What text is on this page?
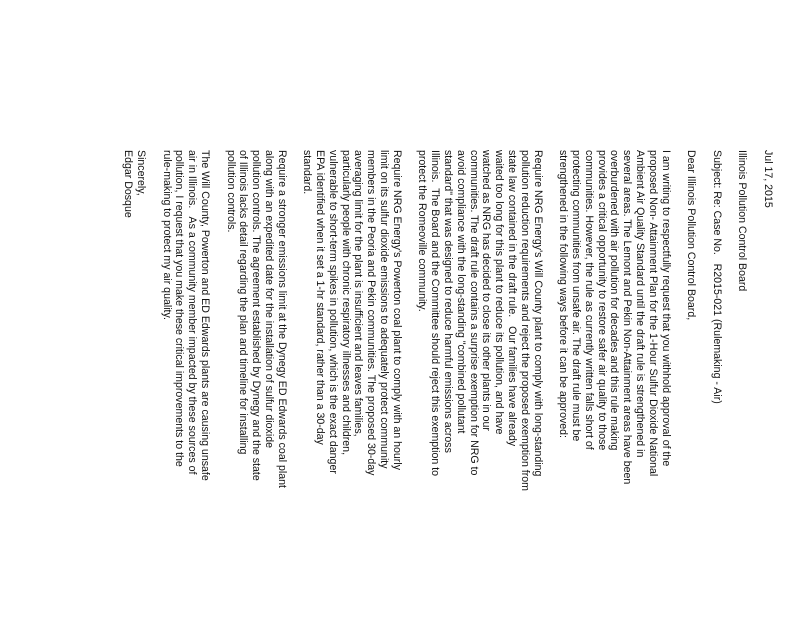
Jul 17, 2015
Illinois Pollution Control Board
Subject: Re: Case No.   R2015-021 (Rulemaking - Air)
Dear Illinois Pollution Control Board,
I am writing to respectfully request that you withhold approval of the
proposed Non- Attainment Plan for the 1-Hour Sulfur Dioxide National
Ambient Air Quality Standard until the draft rule is strengthened in
several areas. The Lemont and Pekin Non-Attainment areas have been
overburdened with air pollution for decades and this rule making
provides a critical opportunity to restore safer air quality to those
communities. However, the rule as currently written falls short of
protecting communities from unsafe air. The draft rule must be
strengthened in the following ways before it can be approved:
Require NRG Energy's Will County plant to comply with long-standing
pollution reduction requirements and reject the proposed exemption from
state law contained in the draft rule.   Our families have already
waited too long for this plant to reduce its pollution, and have
watched as NRG has decided to close its other plants in our
communities. The draft rule contains a surprise exemption for NRG to
avoid compliance with the long-standing "combined pollutant
standard" that was designed to reduce harmful emissions across
Illinois.  The Board and the Committee should reject this exemption to
protect the Romeoville community.
Require NRG Energy's Powerton coal plant to comply with an hourly
limit on its sulfur dioxide emissions to adequately protect community
members in the Peoria and Pekin communities. The proposed 30-day
averaging limit for the plant is insufficient and leaves families,
particularly people with chronic respiratory illnesses and children,
vulnerable to short-term spikes in pollution, which is the exact danger
EPA identified when it set a 1-hr standard, rather than a 30-day
standard.
Require a stronger emissions limit at the Dynegy ED Edwards coal plant
along with an expedited date for the installation of sulfur dioxide
pollution controls. The agreement established by Dynegy and the state
of Illinois lacks detail regarding the plan and timeline for installing
pollution controls.
The Will County, Powerton and ED Edwards plants are causing unsafe
air in Illinois.   As a community member impacted by these sources of
pollution, I request that you make these critical improvements to the
rule-making to protect my air quality.
Sincerely,
Edgar Dosque
